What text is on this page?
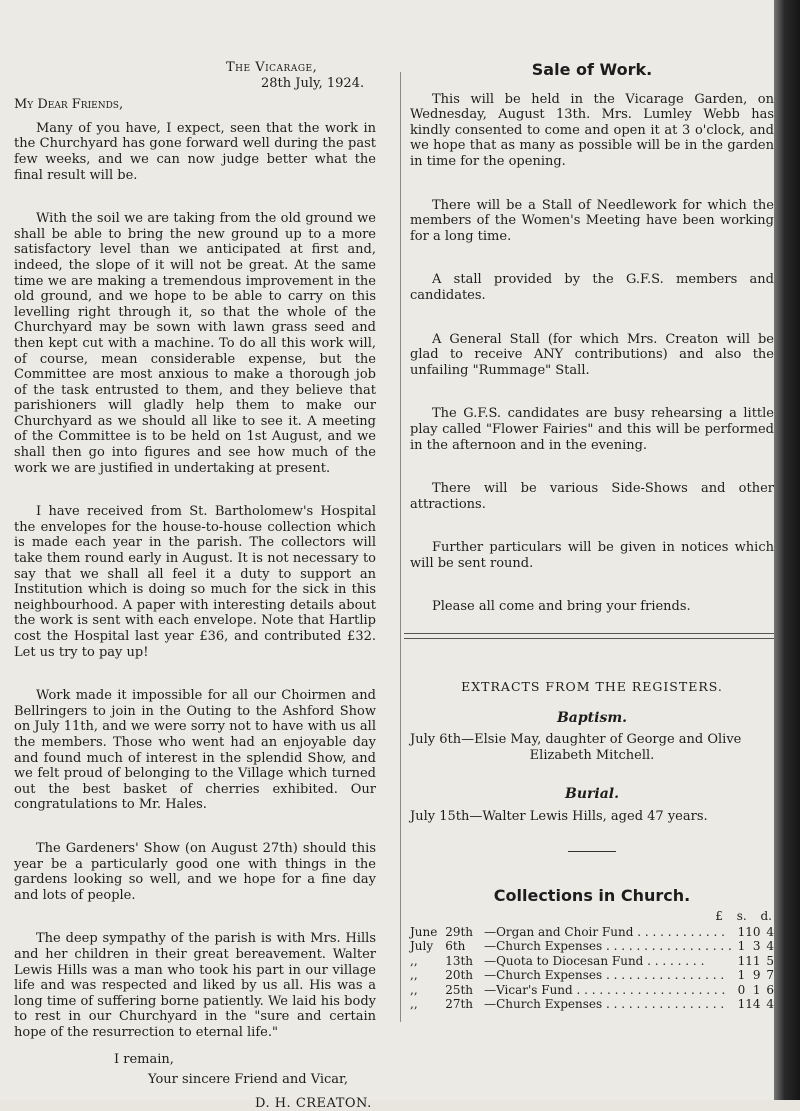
The Vicarage,
28th July, 1924.
My Dear Friends,

Many of you have, I expect, seen that the work in the Churchyard has gone forward well during the past few weeks, and we can now judge better what the final result will be.

With the soil we are taking from the old ground we shall be able to bring the new ground up to a more satisfactory level than we anticipated at first and, indeed, the slope of it will not be great. At the same time we are making a tremendous improvement in the old ground, and we hope to be able to carry on this levelling right through it, so that the whole of the Churchyard may be sown with lawn grass seed and then kept cut with a machine. To do all this work will, of course, mean considerable expense, but the Committee are most anxious to make a thorough job of the task entrusted to them, and they believe that parishioners will gladly help them to make our Churchyard as we should all like to see it. A meeting of the Committee is to be held on 1st August, and we shall then go into figures and see how much of the work we are justified in undertaking at present.

I have received from St. Bartholomew's Hospital the envelopes for the house-to-house collection which is made each year in the parish. The collectors will take them round early in August. It is not necessary to say that we shall all feel it a duty to support an Institution which is doing so much for the sick in this neighbourhood. A paper with interesting details about the work is sent with each envelope. Note that Hartlip cost the Hospital last year £36, and contributed £32. Let us try to pay up!

Work made it impossible for all our Choirmen and Bellringers to join in the Outing to the Ashford Show on July 11th, and we were sorry not to have with us all the members. Those who went had an enjoyable day and found much of interest in the splendid Show, and we felt proud of belonging to the Village which turned out the best basket of cherries exhibited. Our congratulations to Mr. Hales.

The Gardeners' Show (on August 27th) should this year be a particularly good one with things in the gardens looking so well, and we hope for a fine day and lots of people.

The deep sympathy of the parish is with Mrs. Hills and her children in their great bereavement. Walter Lewis Hills was a man who took his part in our village life and was respected and liked by us all. His was a long time of suffering borne patiently. We laid his body to rest in our Churchyard in the "sure and certain hope of the resurrection to eternal life."

I remain,

Your sincere Friend and Vicar,

D. H. CREATON.
Sale of Work.

This will be held in the Vicarage Garden, on Wednesday, August 13th. Mrs. Lumley Webb has kindly consented to come and open it at 3 o'clock, and we hope that as many as possible will be in the garden in time for the opening.

There will be a Stall of Needlework for which the members of the Women's Meeting have been working for a long time.

A stall provided by the G.F.S. members and candidates.

A General Stall (for which Mrs. Creaton will be glad to receive ANY contributions) and also the unfailing "Rummage" Stall.

The G.F.S. candidates are busy rehearsing a little play called "Flower Fairies" and this will be performed in the afternoon and in the evening.

There will be various Side-Shows and other attractions.

Further particulars will be given in notices which will be sent round.

Please all come and bring your friends.

EXTRACTS FROM THE REGISTERS.
Baptism.

July 6th—Elsie May, daughter of George and Olive
Elizabeth Mitchell.

Burial.

July 15th—Walter Lewis Hills, aged 47 years.

Collections in Church.
£ s. d.
June	29th	—Organ and Choir Fund . . . . . . . . . . . .	1	10	4
July	6th	—Church Expenses . . . . . . . . . . . . . . . . .	1	3	4
,,	13th	—Quota to Diocesan Fund . . . . . . . .	1	11	5
,,	20th	—Church Expenses . . . . . . . . . . . . . . . .	1	9	7
,,	25th	—Vicar's Fund . . . . . . . . . . . . . . . . . . . .	0	1	6
,,	27th	—Church Expenses . . . . . . . . . . . . . . . .	1	14	4
